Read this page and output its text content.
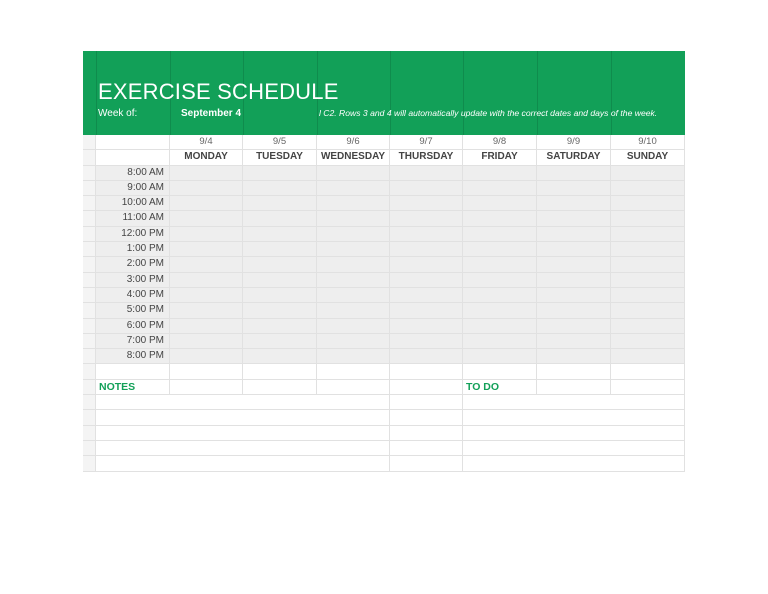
EXERCISE SCHEDULE
Week of:	September 4	l C2. Rows 3 and 4 will automatically update with the correct dates and days of the week.
9/4	9/5	9/6	9/7	9/8	9/9	9/10
MONDAY	TUESDAY	WEDNESDAY	THURSDAY	FRIDAY	SATURDAY	SUNDAY
8:00 AM
9:00 AM
10:00 AM
11:00 AM
12:00 PM
1:00 PM
2:00 PM
3:00 PM
4:00 PM
5:00 PM
6:00 PM
7:00 PM
8:00 PM
NOTES	TO DO
